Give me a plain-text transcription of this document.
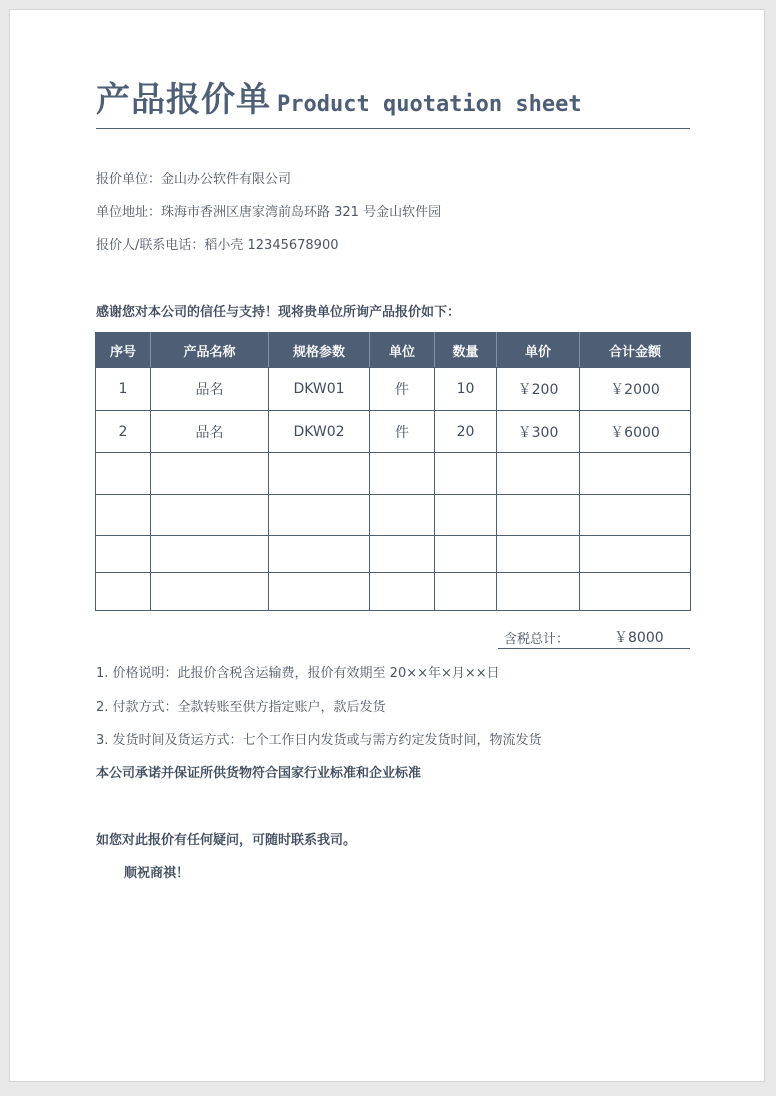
产品报价单 Product quotation sheet
报价单位：金山办公软件有限公司
单位地址：珠海市香洲区唐家湾前岛环路 321 号金山软件园
报价人/联系电话：稻小壳 12345678900
感谢您对本公司的信任与支持！现将贵单位所询产品报价如下：
序号	产品名称	规格参数	单位	数量	单价	合计金额
1	品名	DKW01	件	10	￥200	￥2000
2	品名	DKW02	件	20	￥300	￥6000

含税总计：	￥8000
1. 价格说明：此报价含税含运输费，报价有效期至 20××年×月××日
2. 付款方式：全款转账至供方指定账户，款后发货
3. 发货时间及货运方式：七个工作日内发货或与需方约定发货时间，物流发货
本公司承诺并保证所供货物符合国家行业标准和企业标准
如您对此报价有任何疑问，可随时联系我司。
顺祝商祺！
